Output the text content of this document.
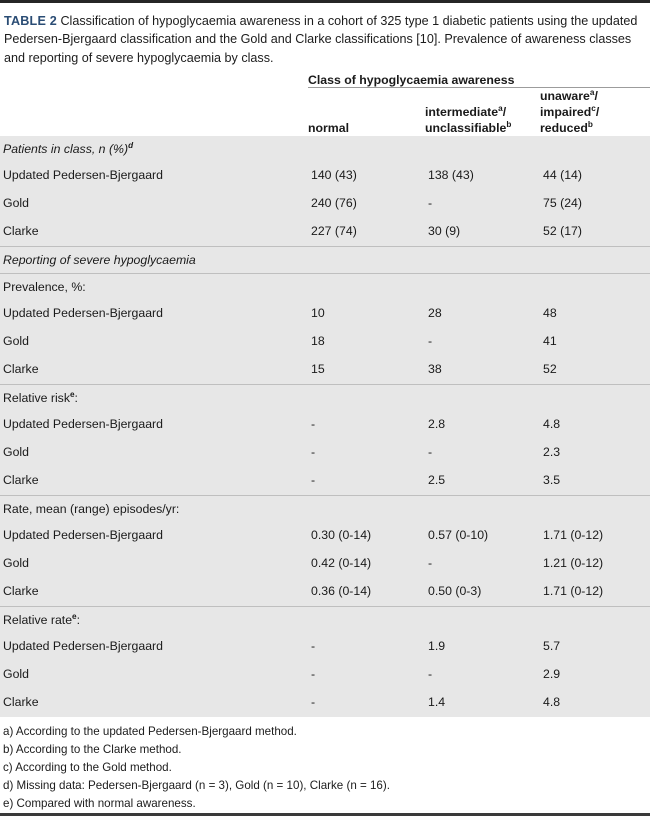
TABLE 2 Classification of hypoglycaemia awareness in a cohort of 325 type 1 diabetic patients using the updated Pedersen-Bjergaard classification and the Gold and Clarke classifications [10]. Prevalence of awareness classes and reporting of severe hypoglycaemia by class.
	Class of hypoglycaemia awareness		

normal

intermediate$^a$/
unclassifiable$^b$

unaware$^a$/
impaired$^c$/
reduced$^b$

Patients in class, n (%)$^d$
Updated Pedersen-Bjergaard	140 (43)	138 (43)	44 (14)
Gold	240 (76)	-	75 (24)
Clarke	227 (74)	30 (9)	52 (17)
Reporting of severe hypoglycaemia			
Prevalence, %:			
Updated Pedersen-Bjergaard	10	28	48
Gold	18	-	41
Clarke	15	38	52
Relative risk$^e$:			
Updated Pedersen-Bjergaard	-	2.8	4.8
Gold	-	-	2.3
Clarke	-	2.5	3.5
Rate, mean (range) episodes/yr:			
Updated Pedersen-Bjergaard	0.30 (0-14)	0.57 (0-10)	1.71 (0-12)
Gold	0.42 (0-14)	-	1.21 (0-12)
Clarke	0.36 (0-14)	0.50 (0-3)	1.71 (0-12)
Relative rate$^e$:			
Updated Pedersen-Bjergaard	-	1.9	5.7
Gold	-	-	2.9
Clarke	-	1.4	4.8
a) According to the updated Pedersen-Bjergaard method.
b) According to the Clarke method.
c) According to the Gold method.
d) Missing data: Pedersen-Bjergaard (n = 3), Gold (n = 10), Clarke (n = 16).
e) Compared with normal awareness.
